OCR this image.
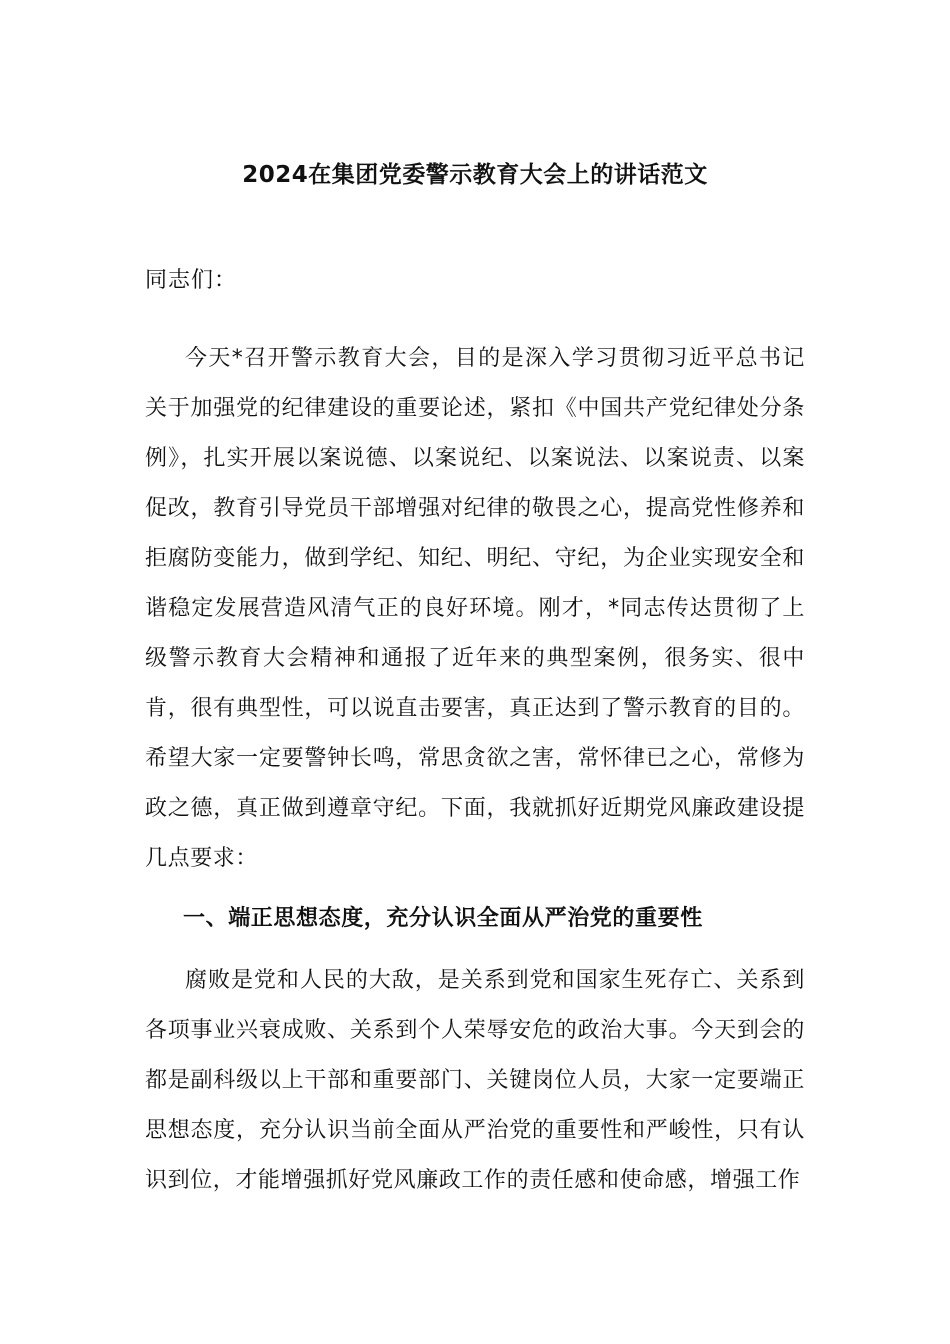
2024在集团党委警示教育大会上的讲话范文
同志们：

今天*召开警示教育大会，目的是深入学习贯彻习近平总书记关于加强党的纪律建设的重要论述，紧扣《中国共产党纪律处分条例》，扎实开展以案说德、以案说纪、以案说法、以案说责、以案促改，教育引导党员干部增强对纪律的敬畏之心，提高党性修养和拒腐防变能力，做到学纪、知纪、明纪、守纪，为企业实现安全和谐稳定发展营造风清气正的良好环境。刚才，*同志传达贯彻了上级警示教育大会精神和通报了近年来的典型案例，很务实、很中肯，很有典型性，可以说直击要害，真正达到了警示教育的目的。希望大家一定要警钟长鸣，常思贪欲之害，常怀律已之心，常修为政之德，真正做到遵章守纪。下面，我就抓好近期党风廉政建设提几点要求：

一、端正思想态度，充分认识全面从严治党的重要性

腐败是党和人民的大敌，是关系到党和国家生死存亡、关系到各项事业兴衰成败、关系到个人荣辱安危的政治大事。今天到会的都是副科级以上干部和重要部门、关键岗位人员，大家一定要端正思想态度，充分认识当前全面从严治党的重要性和严峻性，只有认识到位，才能增强抓好党风廉政工作的责任感和使命感，增强工作
